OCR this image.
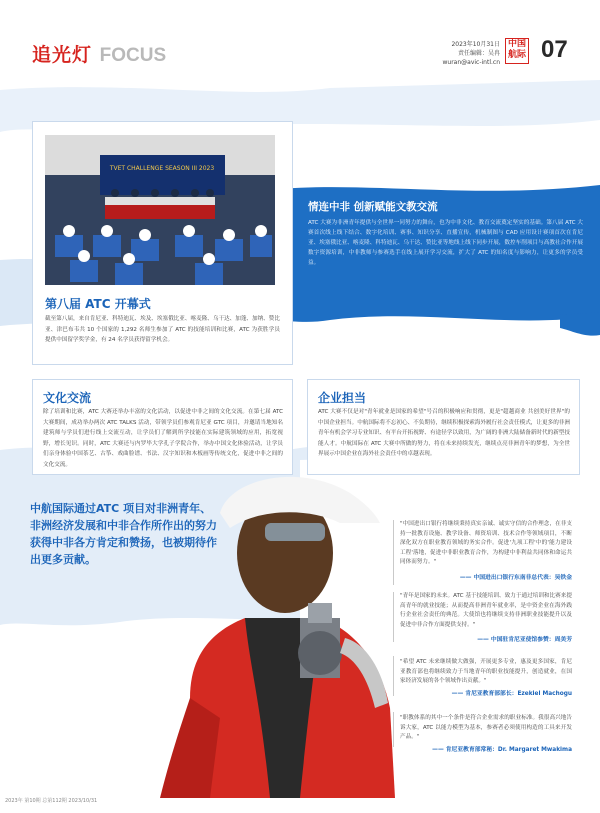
追光灯 FOCUS
2023年10月31日
责任编辑：吴冉
wuran@avic-intl.cn
中国航际 07
TVET CHALLENGE SEASON III 2023
第八届 ATC 开幕式
截至第八届，来自肯尼亚、科特迪瓦、埃及、埃塞俄比亚、喀麦隆、乌干达、加蓬、加纳、赞比亚、津巴布韦共 10 个国家的 1,292 名师生参加了 ATC 的技能培训和比赛，ATC 为获胜学员提供中国留学奖学金，有 24 名学员获得留学机会。
情连中非 创新赋能文教交流
ATC 大赛为非洲青年提供与全世界一同努力的舞台，也为中非文化、教育交流奠定坚实的基础。第八届 ATC 大赛首次线上线下结合、数字化培训、赛事、知识分享、直播宣传，机械制图与 CAD 应用设计赛项首次在肯尼亚、埃塞俄比亚、喀麦隆、科特迪瓦、乌干达、赞比亚等地线上线下同步开展，数控车削项目与高教社合作开展数字资源培训，中非教师与参赛选手在线上展开学习交流，扩大了 ATC 的知名度与影响力，让更多的学员受益。
文化交流
除了培训和比赛，ATC 大赛还举办丰富的文化活动，以促进中非之间的文化交流。在第七届 ATC 大赛期间，成功举办两次 ATC TALKS 活动，带领学员们参观肯尼亚 GTC 项目，并邀请当地知名建筑师与学员们进行线上交流互动，让学员们了解到所学技能在实际建筑领域的应用，拓宽视野，增长见识。同时，ATC 大赛还与内罗毕大学孔子学院合作，举办中国文化体验活动，让学员们亲身体验中国茶艺、古筝、戏曲脸谱、书法、汉字知识和木板画等传统文化，促进中非之间的文化交流。
企业担当
ATC 大赛不仅是对"青年就业是国家的希望"号召的积极响应和贯彻，更是"超越商业 共创美好世界"的中国企业担当。中航国际将不忘初心、不负期待，继续积极探索海外履行社会责任模式，让更多的非洲青年有机会学习专业知识、有平台开拓视野、有途径学以致用，为广阔的非洲大陆储备新时代的新型技能人才。中航国际在 ATC 大赛中所做的努力，将在未来持续发光，继续点亮非洲青年的梦想，为全世界展示中国企业在海外社会责任中的卓越表现。
中航国际通过ATC 项目对非洲青年、非洲经济发展和中非合作所作出的努力获得中非各方肯定和赞扬，也被期待作出更多贡献。
"中国进出口银行将继续秉持真实亲诚、诚实守信的合作理念，在非支持一批教育设施、教学设备、师资培训、技术合作等领域项目，不断深化双方在职业教育领域的务实合作。促进'九项工程'中的'能力建设工程'落地，促进中非职业教育合作，为构建中非利益共同体和命运共同体而努力。"
—— 中国进出口银行东南非总代表：吴铁金
"青年是国家的未来。ATC 基于技能培训、致力于通过培训和比赛来提高青年的就业技能；从而提高非洲青年就业率，是中资企业在海外践行企业社会责任的典范。大使馆也将继续支持非洲职业技能提升以及促进中非合作方面提供支持。"
—— 中国驻肯尼亚使馆参赞：周美芳
"希望 ATC 未来继续做大做强，开展更多专业，惠及更多国家，肯尼亚教育部也将继续致力于当地青年的职业技能提升，创造就业，在国家经济发展的各个领域作出贡献。"
—— 肯尼亚教育部部长：Ezekiel Machogu
"职教体系的其中一个条件是符合企业需求的职业标准。我很高兴地告诉大家，ATC 以能力模型为基本，参赛者必须使用构造的工具来开发产品。"
—— 肯尼亚教育部常秘：Dr. Margaret Mwakima
2023年 第10期 总第112期 2023/10/31
